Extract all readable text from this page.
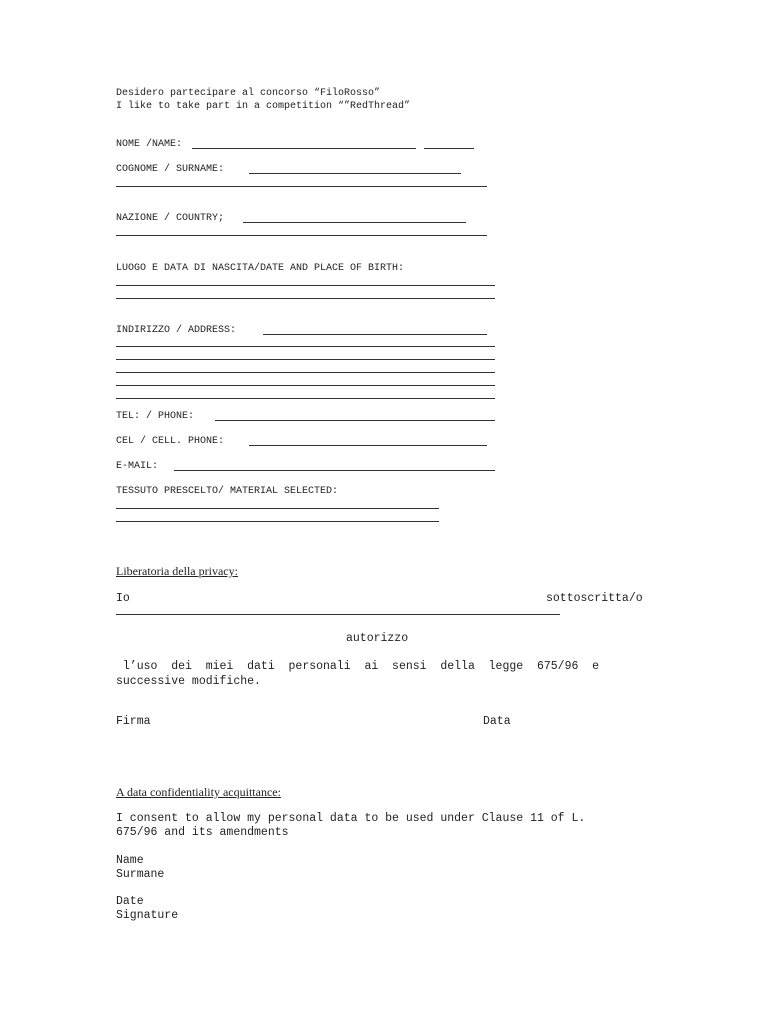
Desidero partecipare al concorso “FiloRosso”
I like to take part in a competition “”RedThread”
NOME /NAME:
COGNOME / SURNAME:
NAZIONE / COUNTRY;
LUOGO E DATA DI NASCITA/DATE AND PLACE OF BIRTH:
INDIRIZZO / ADDRESS:
TEL: / PHONE:
CEL / CELL. PHONE:
E-MAIL:
TESSUTO PRESCELTO/ MATERIAL SELECTED:
Liberatoria della privacy:
Io	sottoscritta/o
autorizzo
l’uso  dei  miei  dati  personali  ai  sensi  della  legge  675/96  e
successive modifiche.
Firma	Data
A data confidentiality acquittance:
I consent to allow my personal data to be used under Clause 11 of L.
675/96 and its amendments
Name
Surmane
Date
Signature
